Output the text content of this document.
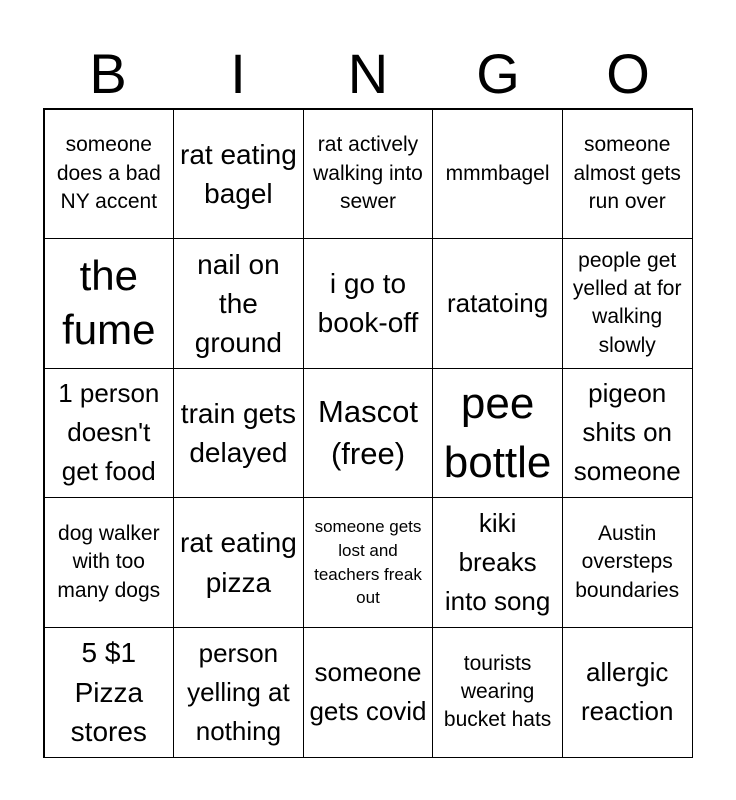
B	I	N	G	O
someone does a bad NY accent
rat eating bagel
rat actively walking into sewer
mmmbagel
someone almost gets run over
the fume
nail on the ground
i go to book-off
ratatoing
people get yelled at for walking slowly
1 person doesn't get food
train gets delayed
Mascot (free)
pee bottle
pigeon shits on someone
dog walker with too many dogs
rat eating pizza
someone gets lost and teachers freak out
kiki breaks into song
Austin oversteps boundaries
5 $1 Pizza stores
person yelling at nothing
someone gets covid
tourists wearing bucket hats
allergic reaction
